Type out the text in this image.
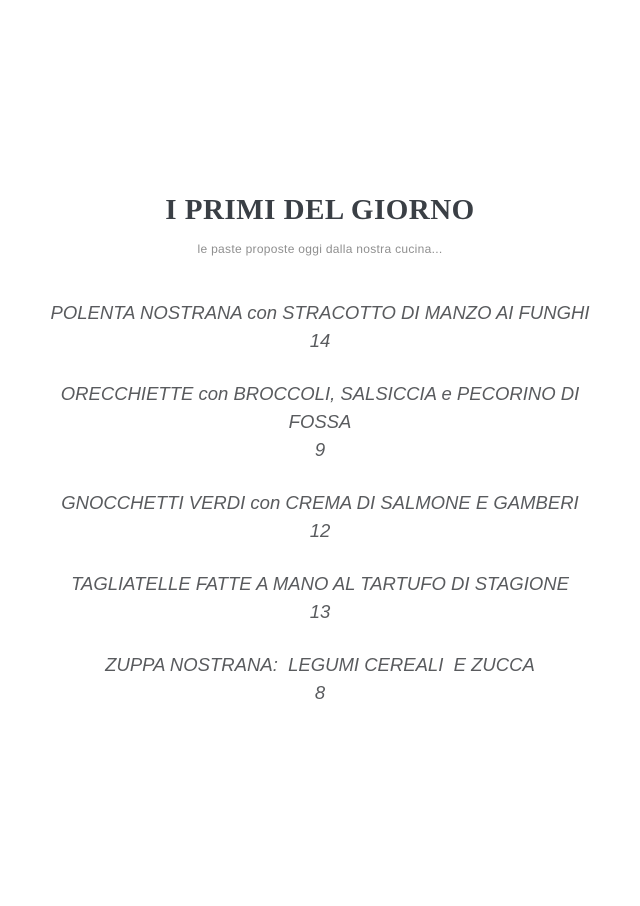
I PRIMI DEL GIORNO
le paste proposte oggi dalla nostra cucina...
POLENTA NOSTRANA con STRACOTTO DI MANZO AI FUNGHI
14
ORECCHIETTE con BROCCOLI, SALSICCIA e PECORINO DI FOSSA
9
GNOCCHETTI VERDI con CREMA DI SALMONE E GAMBERI
12
TAGLIATELLE FATTE A MANO AL TARTUFO DI STAGIONE
13
ZUPPA NOSTRANA:  LEGUMI CEREALI  E ZUCCA
8
